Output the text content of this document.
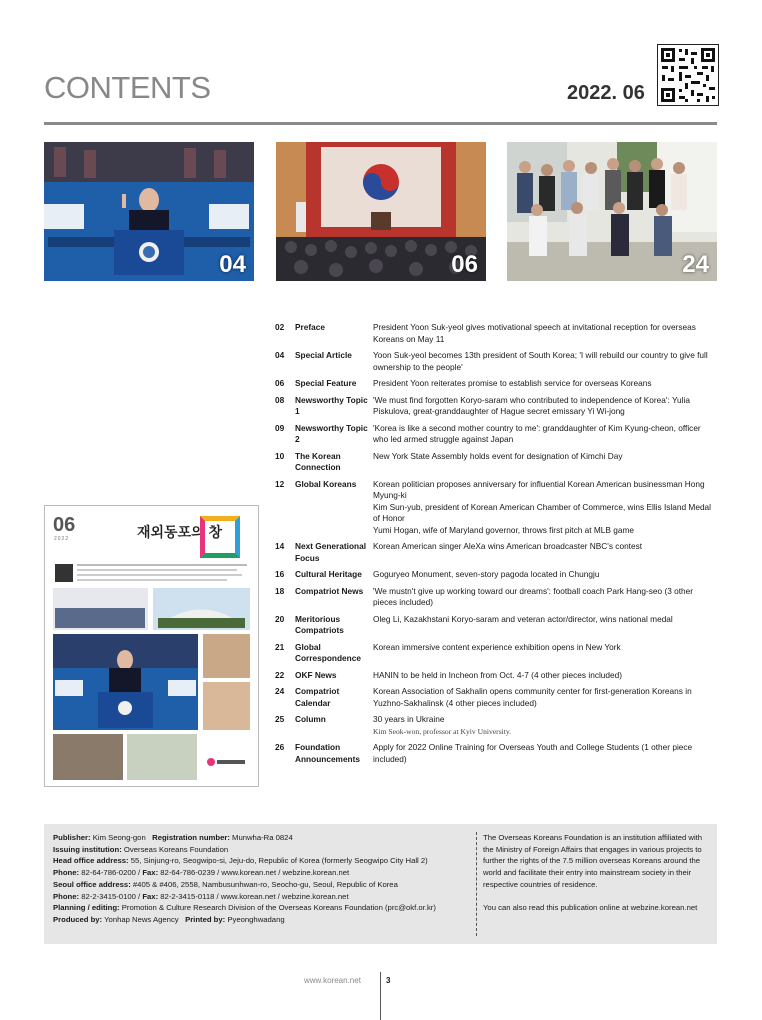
CONTENTS	2022. 06
04	06	24
06
2022	재외동포의 창
02	Preface	President Yoon Suk-yeol gives motivational speech at invitational reception for overseas Koreans on May 11
04	Special Article	Yoon Suk-yeol becomes 13th president of South Korea; 'I will rebuild our country to give full ownership to the people'
06	Special Feature	President Yoon reiterates promise to establish service for overseas Koreans
08	Newsworthy Topic 1
'We must find forgotten Koryo-saram who contributed to independence of Korea': Yulia Piskulova, great-granddaughter of Hague secret emissary Yi Wi-jong
09	Newsworthy Topic 2
'Korea is like a second mother country to me': granddaughter of Kim Kyung-cheon, officer who led armed struggle against Japan
10	The Korean Connection
New York State Assembly holds event for designation of Kimchi Day
12	Global Koreans	Korean politician proposes anniversary for influential Korean American businessman Hong Myung-ki
Kim Sun-yub, president of Korean American Chamber of Commerce, wins Ellis Island Medal of Honor
Yumi Hogan, wife of Maryland governor, throws first pitch at MLB game
14	Next Generational Focus
Korean American singer AleXa wins American broadcaster NBC's contest
16	Cultural Heritage	Goguryeo Monument, seven-story pagoda located in Chungju
18	Compatriot News	'We mustn't give up working toward our dreams': football coach Park Hang-seo (3 other pieces included)
20	Meritorious Compatriots
Oleg Li, Kazakhstani Koryo-saram and veteran actor/director, wins national medal
21	Global Correspondence
Korean immersive content experience exhibition opens in New York
22	OKF News	HANIN to be held in Incheon from Oct. 4-7 (4 other pieces included)
24	Compatriot Calendar
Korean Association of Sakhalin opens community center for first-generation Koreans in Yuzhno-Sakhalinsk (4 other pieces included)
25	Column	30 years in Ukraine
Kim Seok-won, professor at Kyiv University.
26	Foundation Announcements
Apply for 2022 Online Training for Overseas Youth and College Students (1 other piece included)
Publisher: Kim Seong-gon Registration number: Munwha-Ra 0824
Issuing institution: Overseas Koreans Foundation
Head office address: 55, Sinjung-ro, Seogwipo-si, Jeju-do, Republic of Korea (formerly Seogwipo City Hall 2)
Phone: 82-64-786-0200 / Fax: 82-64-786-0239 / www.korean.net / webzine.korean.net
Seoul office address: #405 & #406, 2558, Nambusunhwan-ro, Seocho-gu, Seoul, Republic of Korea
Phone: 82-2-3415-0100 / Fax: 82-2-3415-0118 / www.korean.net / webzine.korean.net
Planning / editing: Promotion & Culture Research Division of the Overseas Koreans Foundation (prc@okf.or.kr)
Produced by: Yonhap News Agency Printed by: Pyeonghwadang
The Overseas Koreans Foundation is an institution affiliated with the Ministry of Foreign Affairs that engages in various projects to further the rights of the 7.5 million overseas Koreans around the world and facilitate their entry into mainstream society in their respective countries of residence.
You can also read this publication online at webzine.korean.net
www.korean.net	3
